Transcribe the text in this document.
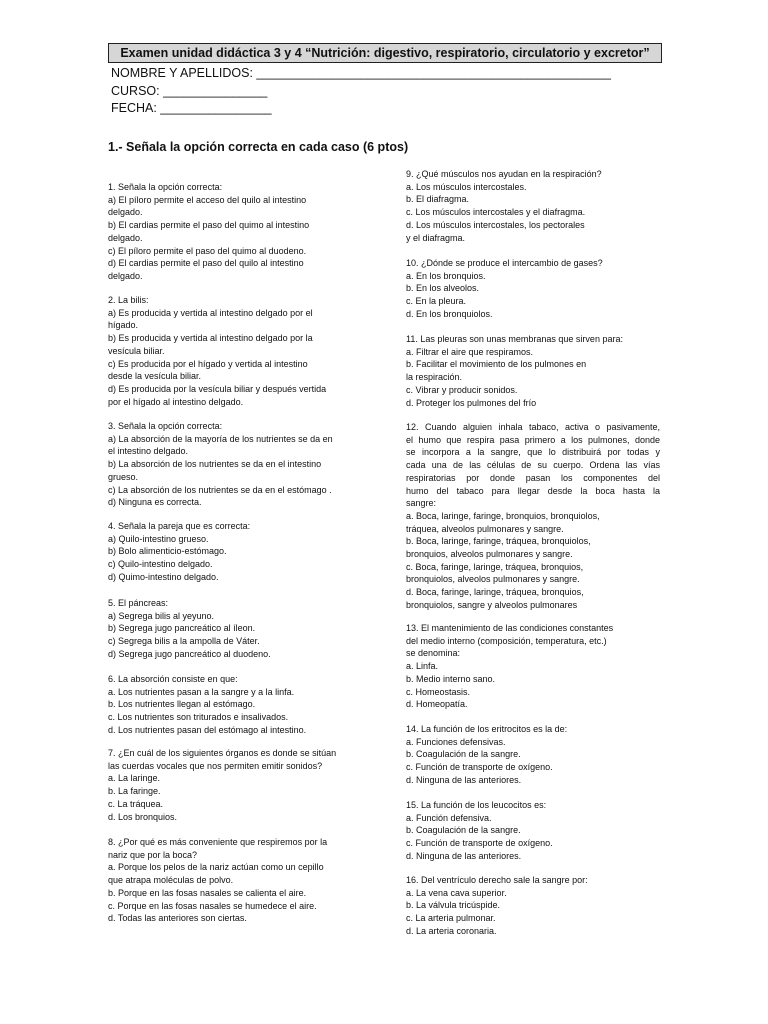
Examen unidad didáctica 3 y 4 “Nutrición: digestivo, respiratorio, circulatorio y excretor”
NOMBRE Y APELLIDOS: ___________________________________________________
CURSO: _______________
FECHA: ________________
1.- Señala la opción correcta en cada caso (6 ptos)
1. Señala la opción correcta:
a) El píloro permite el acceso del quilo al intestino
delgado.
b) El cardias permite el paso del quimo al intestino
delgado.
c) El píloro permite el paso del quimo al duodeno.
d) El cardias permite el paso del quilo al intestino
delgado.
2. La bilis:
a) Es producida y vertida al intestino delgado por el
hígado.
b) Es producida y vertida al intestino delgado por la
vesícula biliar.
c) Es producida por el hígado y vertida al intestino
desde la vesícula biliar.
d) Es producida por la vesícula biliar y después vertida
por el hígado al intestino delgado.
3. Señala la opción correcta:
a) La absorción de la mayoría de los nutrientes se da en
el intestino delgado.
b) La absorción de los nutrientes se da en el intestino
grueso.
c) La absorción de los nutrientes se da en el estómago .
d) Ninguna es correcta.
4. Señala la pareja que es correcta:
a) Quilo-intestino grueso.
b) Bolo alimenticio-estómago.
c) Quilo-intestino delgado.
d) Quimo-intestino delgado.
5. El páncreas:
a) Segrega bilis al yeyuno.
b) Segrega jugo pancreático al íleon.
c) Segrega bilis a la ampolla de Váter.
d) Segrega jugo pancreático al duodeno.
6. La absorción consiste en que:
a. Los nutrientes pasan a la sangre y a la linfa.
b. Los nutrientes llegan al estómago.
c. Los nutrientes son triturados e insalivados.
d. Los nutrientes pasan del estómago al intestino.
7. ¿En cuál de los siguientes órganos es donde se sitúan
las cuerdas vocales que nos permiten emitir sonidos?
a. La laringe.
b. La faringe.
c. La tráquea.
d. Los bronquios.
8. ¿Por qué es más conveniente que respiremos por la
nariz que por la boca?
a. Porque los pelos de la nariz actúan como un cepillo
que atrapa moléculas de polvo.
b. Porque en las fosas nasales se calienta el aire.
c. Porque en las fosas nasales se humedece el aire.
d. Todas las anteriores son ciertas.
9. ¿Qué músculos nos ayudan en la respiración?
a. Los músculos intercostales.
b. El diafragma.
c. Los músculos intercostales y el diafragma.
d. Los músculos intercostales, los pectorales
y el diafragma.
10. ¿Dónde se produce el intercambio de gases?
a. En los bronquios.
b. En los alveolos.
c. En la pleura.
d. En los bronquiolos.
11. Las pleuras son unas membranas que sirven para:
a. Filtrar el aire que respiramos.
b. Facilitar el movimiento de los pulmones en
la respiración.
c. Vibrar y producir sonidos.
d. Proteger los pulmones del frío
12. Cuando alguien inhala tabaco, activa o pasivamente,
el humo que respira pasa primero a los pulmones, donde
se incorpora a la sangre, que lo distribuirá por todas y
cada una de las células de su cuerpo. Ordena las vías
respiratorias por donde pasan los componentes del
humo del tabaco para llegar desde la boca hasta la
sangre:
a. Boca, laringe, faringe, bronquios, bronquiolos,
tráquea, alveolos pulmonares y sangre.
b. Boca, laringe, faringe, tráquea, bronquiolos,
bronquios, alveolos pulmonares y sangre.
c. Boca, faringe, laringe, tráquea, bronquios,
bronquiolos, alveolos pulmonares y sangre.
d. Boca, faringe, laringe, tráquea, bronquios,
bronquiolos, sangre y alveolos pulmonares
13. El mantenimiento de las condiciones constantes
del medio interno (composición, temperatura, etc.)
se denomina:
a. Linfa.
b. Medio interno sano.
c. Homeostasis.
d. Homeopatía.
14. La función de los eritrocitos es la de:
a. Funciones defensivas.
b. Coagulación de la sangre.
c. Función de transporte de oxígeno.
d. Ninguna de las anteriores.
15. La función de los leucocitos es:
a. Función defensiva.
b. Coagulación de la sangre.
c. Función de transporte de oxígeno.
d. Ninguna de las anteriores.
16. Del ventrículo derecho sale la sangre por:
a. La vena cava superior.
b. La válvula tricúspide.
c. La arteria pulmonar.
d. La arteria coronaria.
